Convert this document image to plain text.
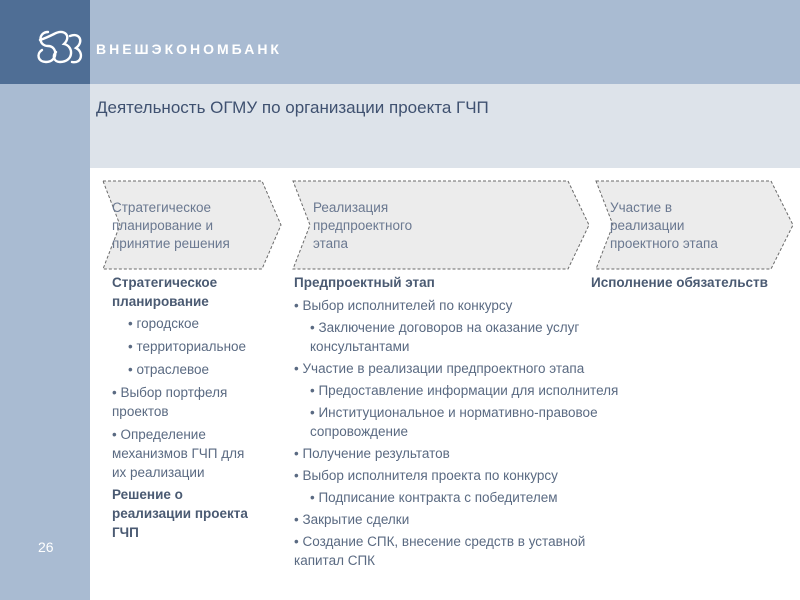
ВНЕШЭКОНОМБАНК
Деятельность ОГМУ по организации проекта ГЧП
26
Стратегическое
планирование и
принятие решения
Реализация
предпроектного
этапа
Участие в
реализации
проектного этапа
Стратегическое
планирование
• городское
• территориальное
• отраслевое
• Выбор портфеля
проектов
• Определение
механизмов ГЧП для
их реализации
Решение о
реализации проекта
ГЧП
Предпроектный этап
• Выбор исполнителей по конкурсу
• Заключение договоров на оказание услуг
консультантами
• Участие в реализации предпроектного этапа
• Предоставление информации для исполнителя
• Институциональное и нормативно-правовое
сопровождение
• Получение результатов
• Выбор исполнителя проекта по конкурсу
• Подписание контракта с победителем
• Закрытие сделки
• Создание СПК, внесение средств в уставной
капитал СПК
Исполнение обязательств
